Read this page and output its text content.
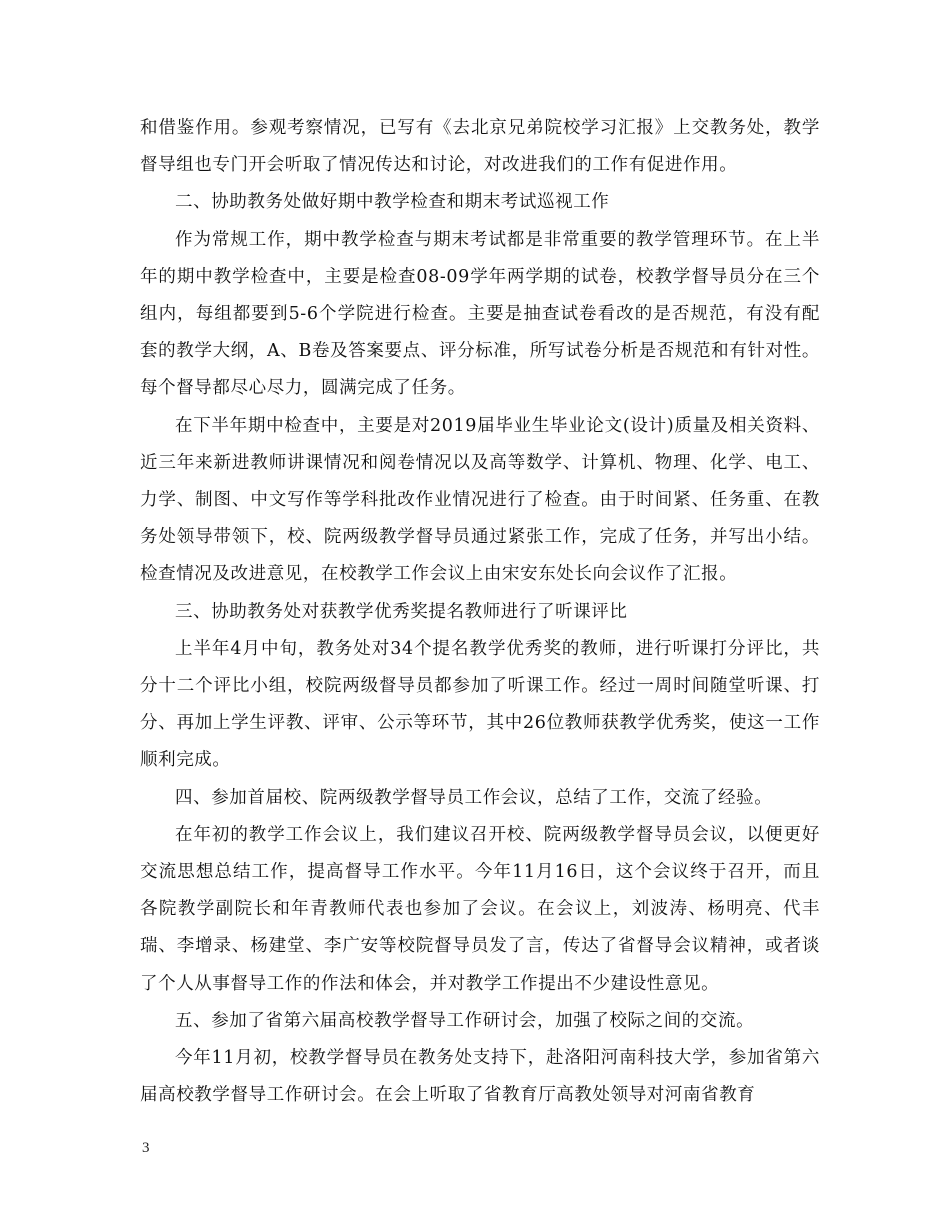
和借鉴作用。参观考察情况，已写有《去北京兄弟院校学习汇报》上交教务处，教学督导组也专门开会听取了情况传达和讨论，对改进我们的工作有促进作用。

二、协助教务处做好期中教学检查和期末考试巡视工作

作为常规工作，期中教学检查与期末考试都是非常重要的教学管理环节。在上半年的期中教学检查中，主要是检查08-09学年两学期的试卷，校教学督导员分在三个组内，每组都要到5-6个学院进行检查。主要是抽查试卷看改的是否规范，有没有配套的教学大纲，A、B卷及答案要点、评分标准，所写试卷分析是否规范和有针对性。每个督导都尽心尽力，圆满完成了任务。

在下半年期中检查中，主要是对2019届毕业生毕业论文(设计)质量及相关资料、近三年来新进教师讲课情况和阅卷情况以及高等数学、计算机、物理、化学、电工、力学、制图、中文写作等学科批改作业情况进行了检查。由于时间紧、任务重、在教务处领导带领下，校、院两级教学督导员通过紧张工作，完成了任务，并写出小结。检查情况及改进意见，在校教学工作会议上由宋安东处长向会议作了汇报。

三、协助教务处对获教学优秀奖提名教师进行了听课评比

上半年4月中旬，教务处对34个提名教学优秀奖的教师，进行听课打分评比，共分十二个评比小组，校院两级督导员都参加了听课工作。经过一周时间随堂听课、打分、再加上学生评教、评审、公示等环节，其中26位教师获教学优秀奖，使这一工作顺利完成。

四、参加首届校、院两级教学督导员工作会议，总结了工作，交流了经验。

在年初的教学工作会议上，我们建议召开校、院两级教学督导员会议，以便更好交流思想总结工作，提高督导工作水平。今年11月16日，这个会议终于召开，而且各院教学副院长和年青教师代表也参加了会议。在会议上，刘波涛、杨明亮、代丰瑞、李增录、杨建堂、李广安等校院督导员发了言，传达了省督导会议精神，或者谈了个人从事督导工作的作法和体会，并对教学工作提出不少建设性意见。

五、参加了省第六届高校教学督导工作研讨会，加强了校际之间的交流。

今年11月初，校教学督导员在教务处支持下，赴洛阳河南科技大学，参加省第六届高校教学督导工作研讨会。在会上听取了省教育厅高教处领导对河南省教育

3
